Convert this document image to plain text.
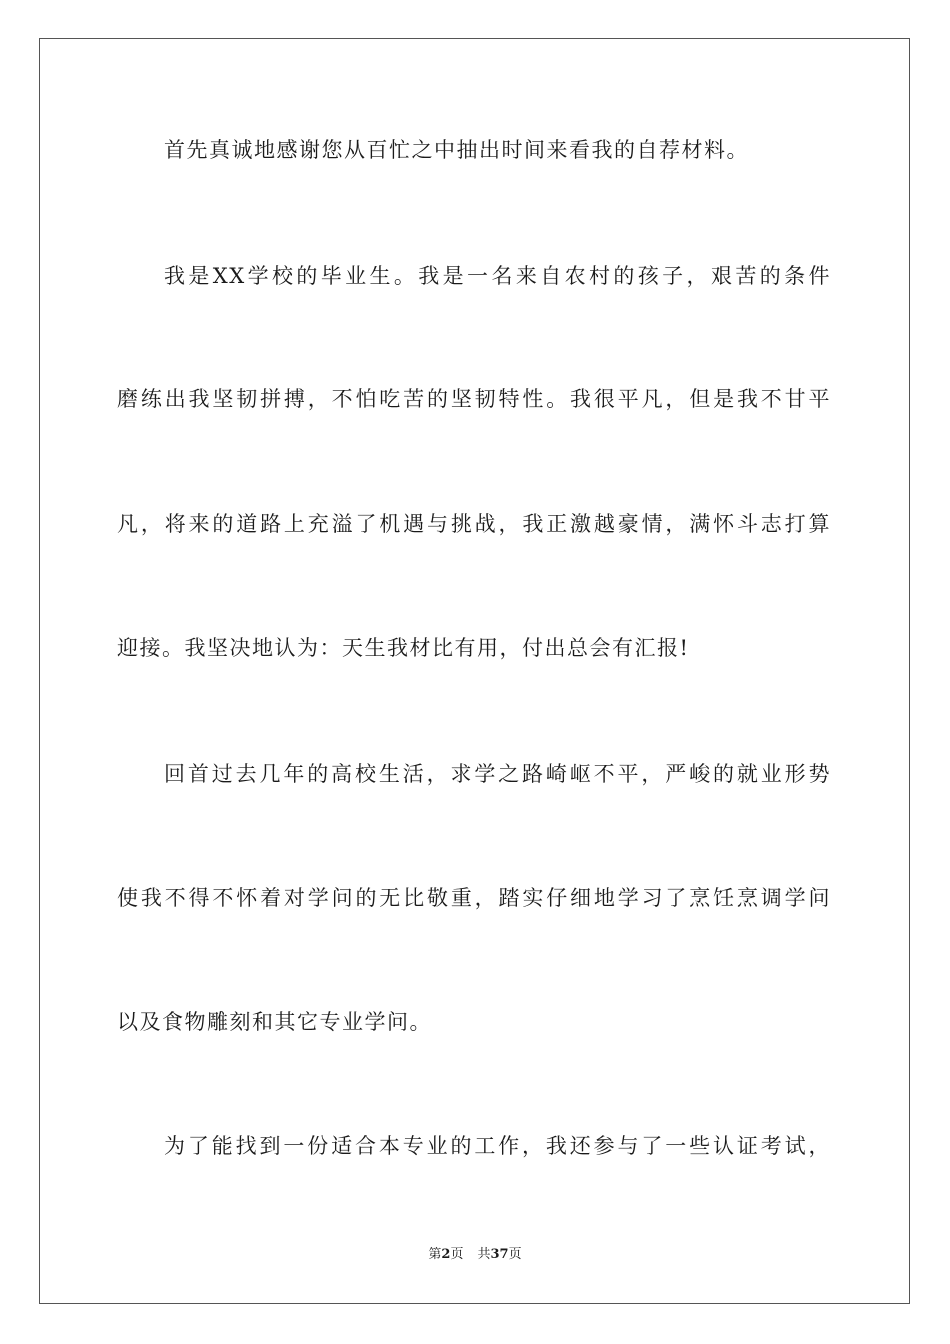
首先真诚地感谢您从百忙之中抽出时间来看我的自荐材料。
我是XX学校的毕业生。我是一名来自农村的孩子，艰苦的条件
磨练出我坚韧拼搏，不怕吃苦的坚韧特性。我很平凡，但是我不甘平
凡，将来的道路上充溢了机遇与挑战，我正激越豪情，满怀斗志打算
迎接。我坚决地认为：天生我材比有用，付出总会有汇报!
回首过去几年的高校生活，求学之路崎岖不平，严峻的就业形势
使我不得不怀着对学问的无比敬重，踏实仔细地学习了烹饪烹调学问
以及食物雕刻和其它专业学问。
为了能找到一份适合本专业的工作，我还参与了一些认证考试，
第2页 共37页
